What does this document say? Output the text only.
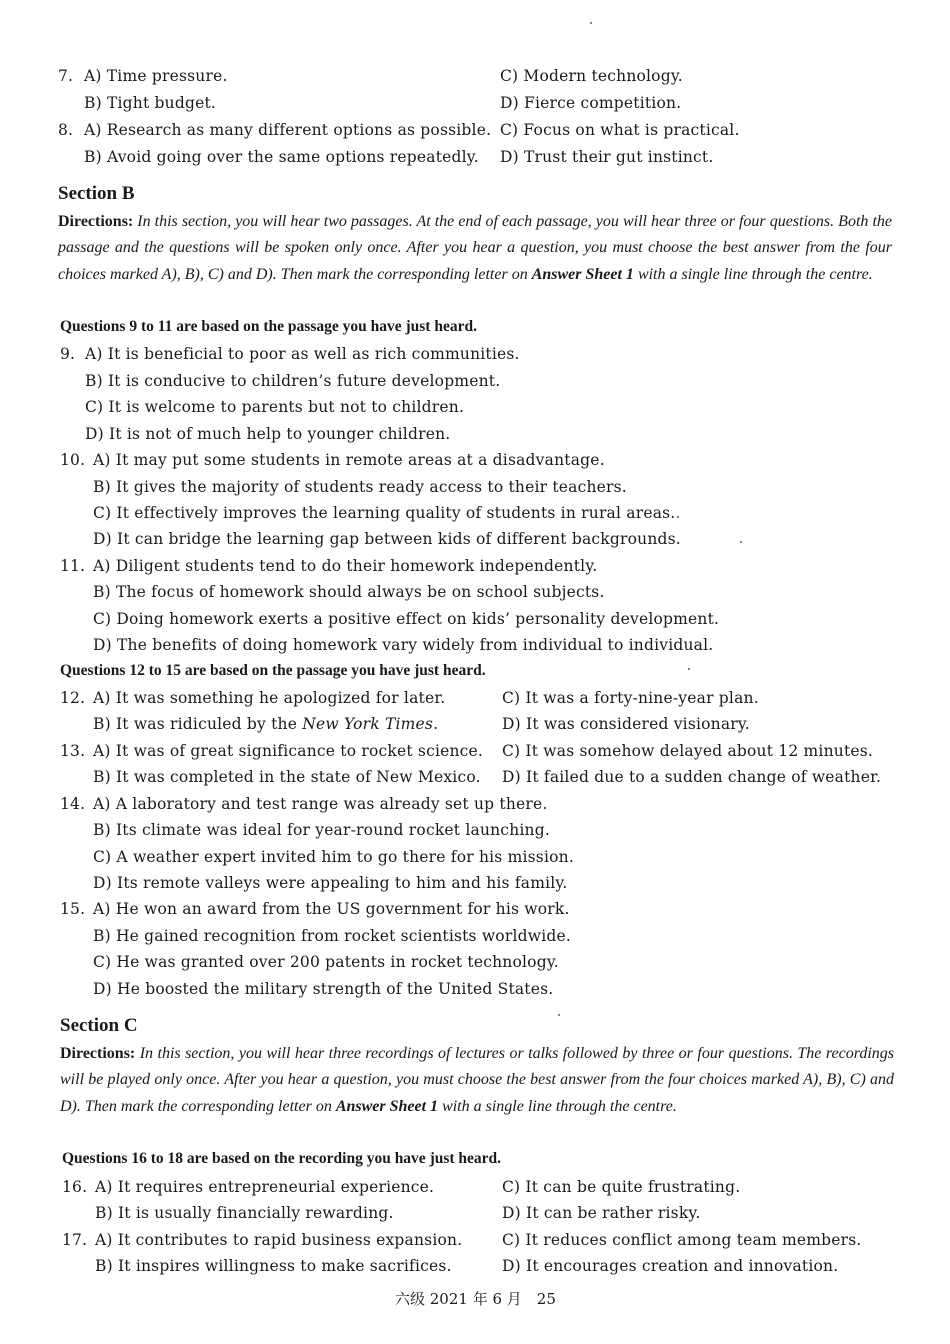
7. A) Time pressure.
B) Tight budget.
C) Modern technology.
D) Fierce competition.
8. A) Research as many different options as possible.
B) Avoid going over the same options repeatedly.
C) Focus on what is practical.
D) Trust their gut instinct.
Section B
Directions: In this section, you will hear two passages. At the end of each passage, you will hear three or four questions. Both the passage and the questions will be spoken only once. After you hear a question, you must choose the best answer from the four choices marked A), B), C) and D). Then mark the corresponding letter on Answer Sheet 1 with a single line through the centre.
Questions 9 to 11 are based on the passage you have just heard.
9. A) It is beneficial to poor as well as rich communities.
B) It is conducive to children’s future development.
C) It is welcome to parents but not to children.
D) It is not of much help to younger children.
10. A) It may put some students in remote areas at a disadvantage.
B) It gives the majority of students ready access to their teachers.
C) It effectively improves the learning quality of students in rural areas.
D) It can bridge the learning gap between kids of different backgrounds.
11. A) Diligent students tend to do their homework independently.
B) The focus of homework should always be on school subjects.
C) Doing homework exerts a positive effect on kids’ personality development.
D) The benefits of doing homework vary widely from individual to individual.
Questions 12 to 15 are based on the passage you have just heard.
12. A) It was something he apologized for later.
B) It was ridiculed by the New York Times.
C) It was a forty-nine-year plan.
D) It was considered visionary.
13. A) It was of great significance to rocket science.
B) It was completed in the state of New Mexico.
C) It was somehow delayed about 12 minutes.
D) It failed due to a sudden change of weather.
14. A) A laboratory and test range was already set up there.
B) Its climate was ideal for year-round rocket launching.
C) A weather expert invited him to go there for his mission.
D) Its remote valleys were appealing to him and his family.
15. A) He won an award from the US government for his work.
B) He gained recognition from rocket scientists worldwide.
C) He was granted over 200 patents in rocket technology.
D) He boosted the military strength of the United States.
Section C
Directions: In this section, you will hear three recordings of lectures or talks followed by three or four questions. The recordings will be played only once. After you hear a question, you must choose the best answer from the four choices marked A), B), C) and D). Then mark the corresponding letter on Answer Sheet 1 with a single line through the centre.
Questions 16 to 18 are based on the recording you have just heard.
16. A) It requires entrepreneurial experience.
B) It is usually financially rewarding.
C) It can be quite frustrating.
D) It can be rather risky.
17. A) It contributes to rapid business expansion.
B) It inspires willingness to make sacrifices.
C) It reduces conflict among team members.
D) It encourages creation and innovation.
六级 2021 年 6 月　25
